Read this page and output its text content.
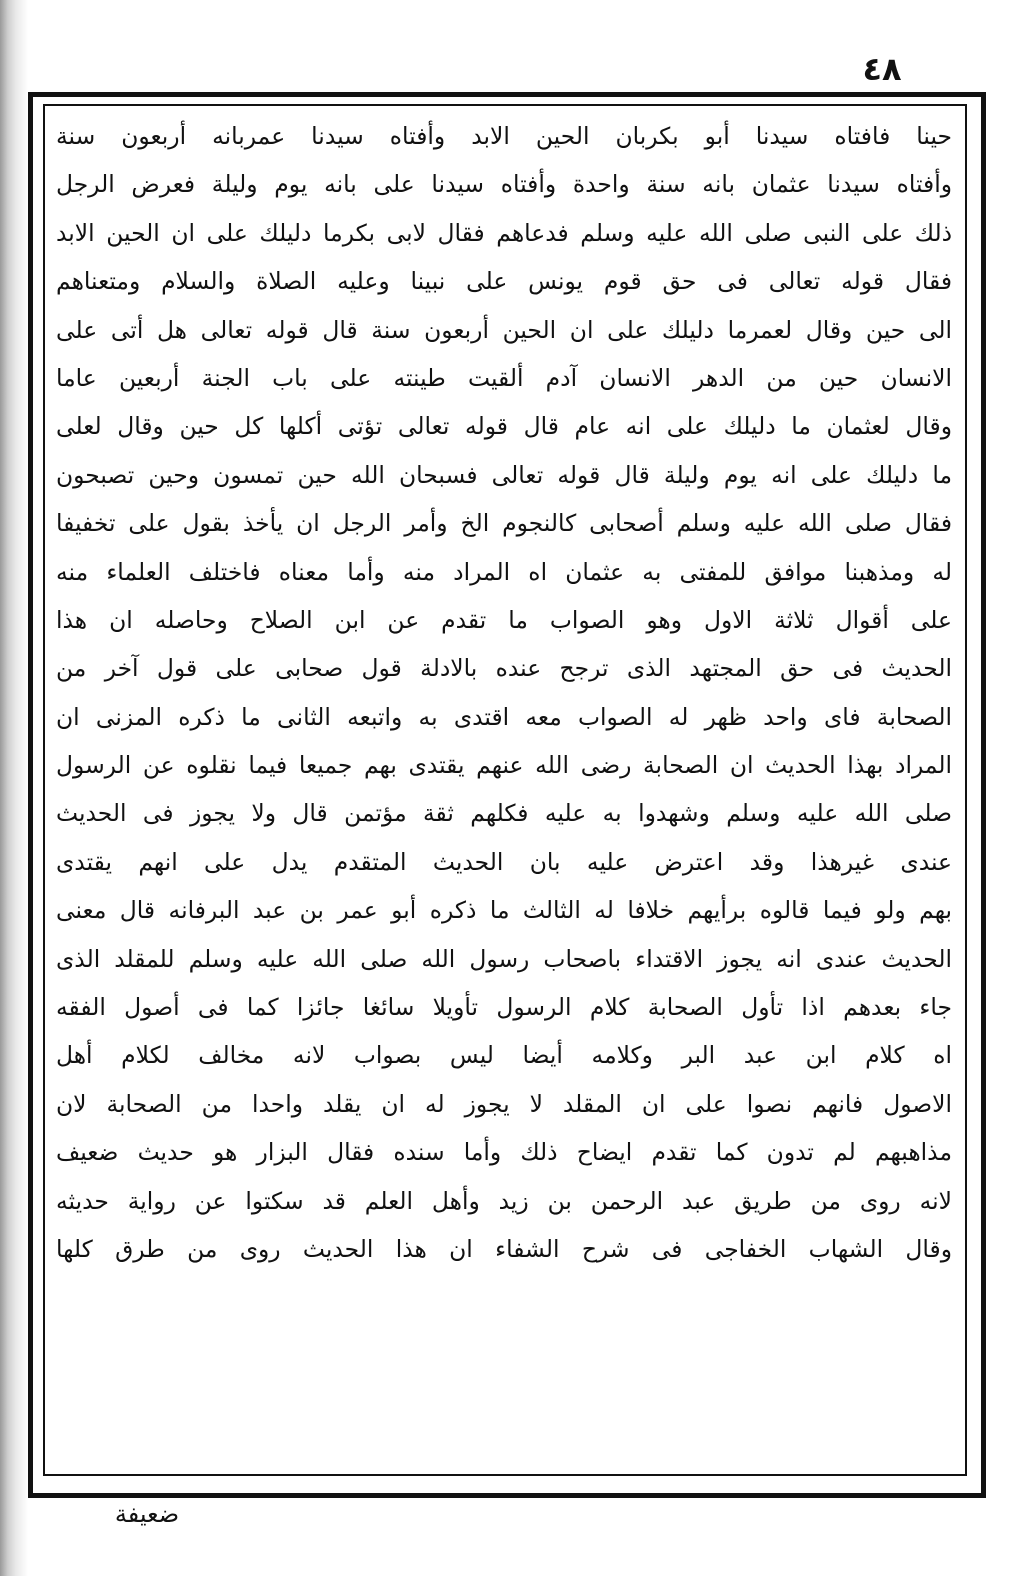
٤٨
حينا فافتاه سيدنا أبو بكربان الحين الابد وأفتاه سيدنا عمربانه أربعون سنة
وأفتاه سيدنا عثمان بانه سنة واحدة وأفتاه سيدنا على بانه يوم وليلة فعرض الرجل
ذلك على النبى صلى الله عليه وسلم فدعاهم فقال لابى بكرما دليلك على ان الحين الابد
فقال قوله تعالى فى حق قوم يونس على نبينا وعليه الصلاة والسلام ومتعناهم
الى حين وقال لعمرما دليلك على ان الحين أربعون سنة قال قوله تعالى هل أتى على
الانسان حين من الدهر الانسان آدم ألقيت طينته على باب الجنة أربعين عاما
وقال لعثمان ما دليلك على انه عام قال قوله تعالى تؤتى أكلها كل حين وقال لعلى
ما دليلك على انه يوم وليلة قال قوله تعالى فسبحان الله حين تمسون وحين تصبحون
فقال صلى الله عليه وسلم أصحابى كالنجوم الخ وأمر الرجل ان يأخذ بقول على تخفيفا
له ومذهبنا موافق للمفتى به عثمان اه المراد منه وأما معناه فاختلف العلماء منه
على أقوال ثلاثة الاول وهو الصواب ما تقدم عن ابن الصلاح وحاصله ان هذا
الحديث فى حق المجتهد الذى ترجح عنده بالادلة قول صحابى على قول آخر من
الصحابة فاى واحد ظهر له الصواب معه اقتدى به واتبعه الثانى ما ذكره المزنى ان
المراد بهذا الحديث ان الصحابة رضى الله عنهم يقتدى بهم جميعا فيما نقلوه عن الرسول
صلى الله عليه وسلم وشهدوا به عليه فكلهم ثقة مؤتمن قال ولا يجوز فى الحديث
عندى غيرهذا وقد اعترض عليه بان الحديث المتقدم يدل على انهم يقتدى
بهم ولو فيما قالوه برأيهم خلافا له الثالث ما ذكره أبو عمر بن عبد البرفانه قال معنى
الحديث عندى انه يجوز الاقتداء باصحاب رسول الله صلى الله عليه وسلم للمقلد الذى
جاء بعدهم اذا تأول الصحابة كلام الرسول تأويلا سائغا جائزا كما فى أصول الفقه
اه كلام ابن عبد البر وكلامه أيضا ليس بصواب لانه مخالف لكلام أهل
الاصول فانهم نصوا على ان المقلد لا يجوز له ان يقلد واحدا من الصحابة لان
مذاهبهم لم تدون كما تقدم ايضاح ذلك وأما سنده فقال البزار هو حديث ضعيف
لانه روى من طريق عبد الرحمن بن زيد وأهل العلم قد سكتوا عن رواية حديثه
وقال الشهاب الخفاجى فى شرح الشفاء ان هذا الحديث روى من طرق كلها
ضعيفة
